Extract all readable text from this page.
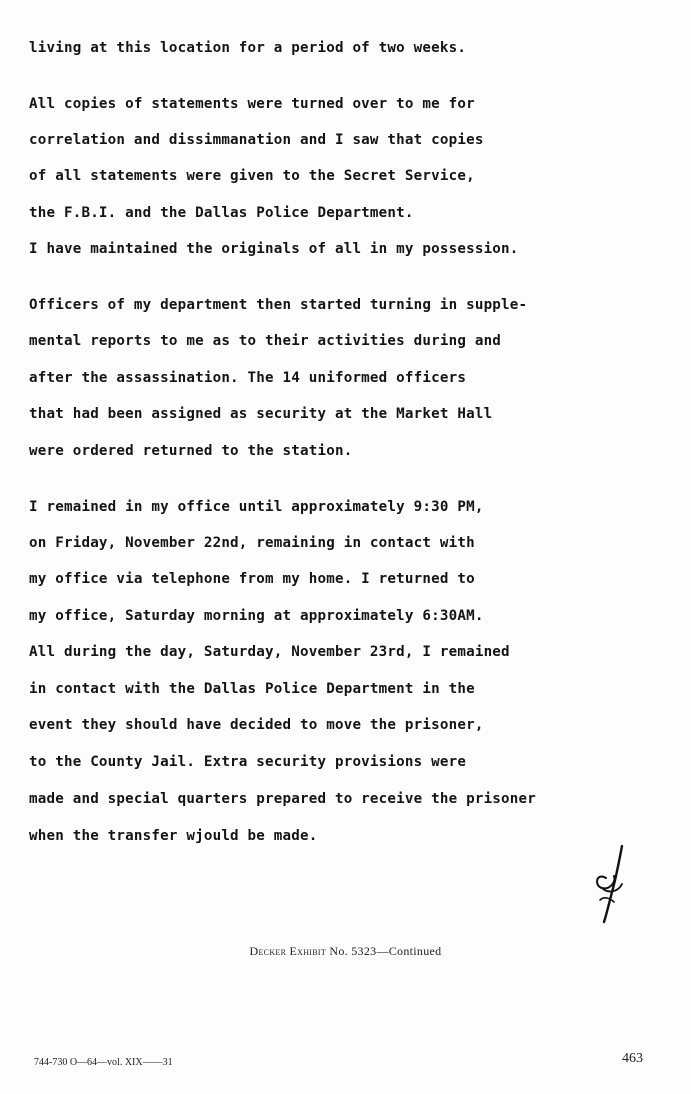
living at this location for a period of two weeks.
All copies of statements were turned over to me for
correlation and dissimmanation and I saw that copies
of all statements were given to the Secret Service,
the F.B.I. and the Dallas Police Department.
I have maintained the originals of all in my possession.
Officers of my department then started turning in supple-
mental reports to me as to their activities during and
after the assassination. The 14 uniformed officers
that had been assigned as security at the Market Hall
were ordered returned to the station.
I remained in my office until approximately 9:30 PM,
on Friday, November 22nd, remaining in contact with
my office via telephone from my home. I returned to
my office, Saturday morning at approximately 6:30AM.
All during the day, Saturday, November 23rd, I remained
in contact with the Dallas Police Department in the
event they should have decided to move the prisoner,
to the County Jail. Extra security provisions were
made and special quarters prepared to receive the prisoner
when the transfer wjould be made.
Decker Exhibit No. 5323—Continued
744-730 O—64—vol. XIX——31	463
